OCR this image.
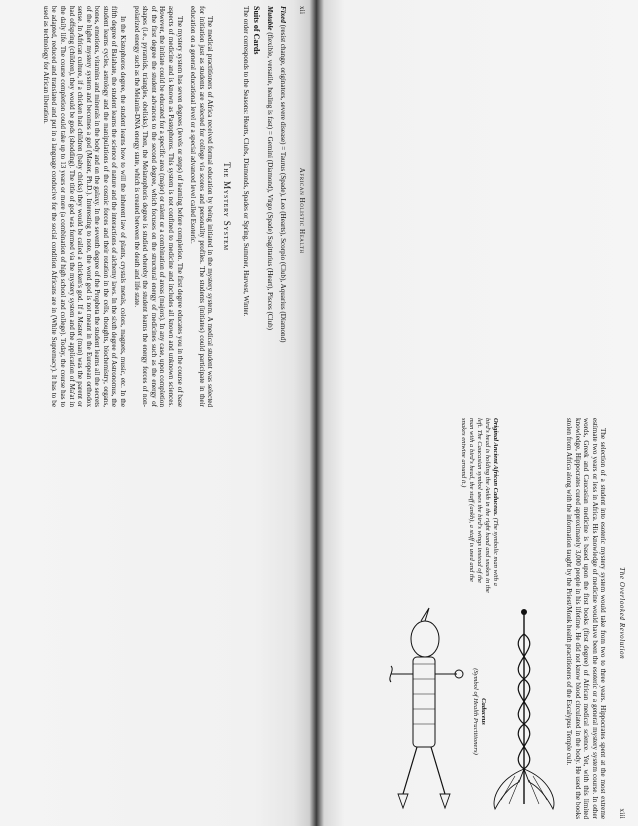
xii
African Holistic Health

Fixed (resist change, originators, severe disease) = Taurus (Spade), Leo (Hearts), Scorpio (Club), Aquarius (Diamond)

Mutable (flexible, versatile, healing is fast) = Gemini (Diamond), Virgo (Spade) Sagittarius (Heart), Pisces (Club)

Suits of Cards

The order corresponds to the Seasons: Hearts, Clubs, Diamonds, Spades or Spring, Summer, Harvest, Winter.

The Mystery System

The medical practitioners of Africa received formal education by being initiated in the mystery system. A medical student was selected for initiation just as students are selected for college via scores and personality profiles. The students (initiates) could participate in their education on a general educational level or a special advanced level called Esoteric.

The mystery system has seven degrees (levels or steps) of learning before completion. The first degree educates you in the course of base aspects of medicine and is known as Pastophoros. This system is not confined to medicine and includes all known and unknown sciences. However, the initiate could be educated for a specific area (major) or talent or a combination of areas (majors). In any case, upon completion of the first degree the student advances to the second degree, which focuses on the structural energy of medicines such as the energy of shapes (i.e., pyramids, triangles, obelisks). Then, the Melanophoris degree is studied whereby the student learns the energy forces of non-polarized energy such as the Melanin-DNA energy state, which is created between the death and life state.

In the Kistophoros degree, the student learns how to will the inherent law of plants, crystals metals, colors, magnets, music, etc. In the fifth degree of Balahate, the student learns the science of nature and the interactions of alchemy laws. In the sixth degree of Astronomus, the student learns cycles, astrology and the manipulations of the cosmic forces and their rotation in the cells, thoughts, biochemistry, organs, bones, emotions, vitamins and minerals in the body and on the galaxy. In the seventh degree of the Propheta the student learns all the secrets of the higher mystery system and becomes a god (Master, Ph.D.). Interesting to note, the word god is not meant in the European orthodox sense. In African culture, if a chicken had children (baby chicks) they would be called a chicken's god. If a Master (man) was the parent or had offspring (children), they would be gods (shodding). The title of god was formed via the mystery system and the application of Ma'at in the daily life. The course completion could take up to 13 years or more (a combination of high school and college). Today, the course has to be adapted, reduced and translated and put in a language conducive for the social condition Africans are in (White Supremacy). It has to be used as technology for African liberation.

The Overlooked Revolution
xiii

The selection of a student into esoteric mystery system would take from two to three years. Hippocrates spent at the most extreme estimate two years or less in Africa. His knowledge of medicine would have been the esoteric or a general mystery system course. In other words, Greek and Caucasian medicine is based upon the first books (first degree) of African medical science. Yet, with this limited knowledge, Hippocrates cured approximately 3,000 people in his lifetime. He did not know blood circulated in the body. He used the books stolen from Africa along with the information taught by the Priest/Monk health practitioners of the Escalypus Temple cult.

Original Ancient African Caduceus. (The symbolic man with a bird's head is holding the Ankh in the right hand and snakes in the left. The Caucasian symbol uses the bird's wings instead of the man with a bird's head, the staff (ankh), a staff is used and the snakes entwine around it.)
Caduceus
(Symbol of Health Practitioners)
